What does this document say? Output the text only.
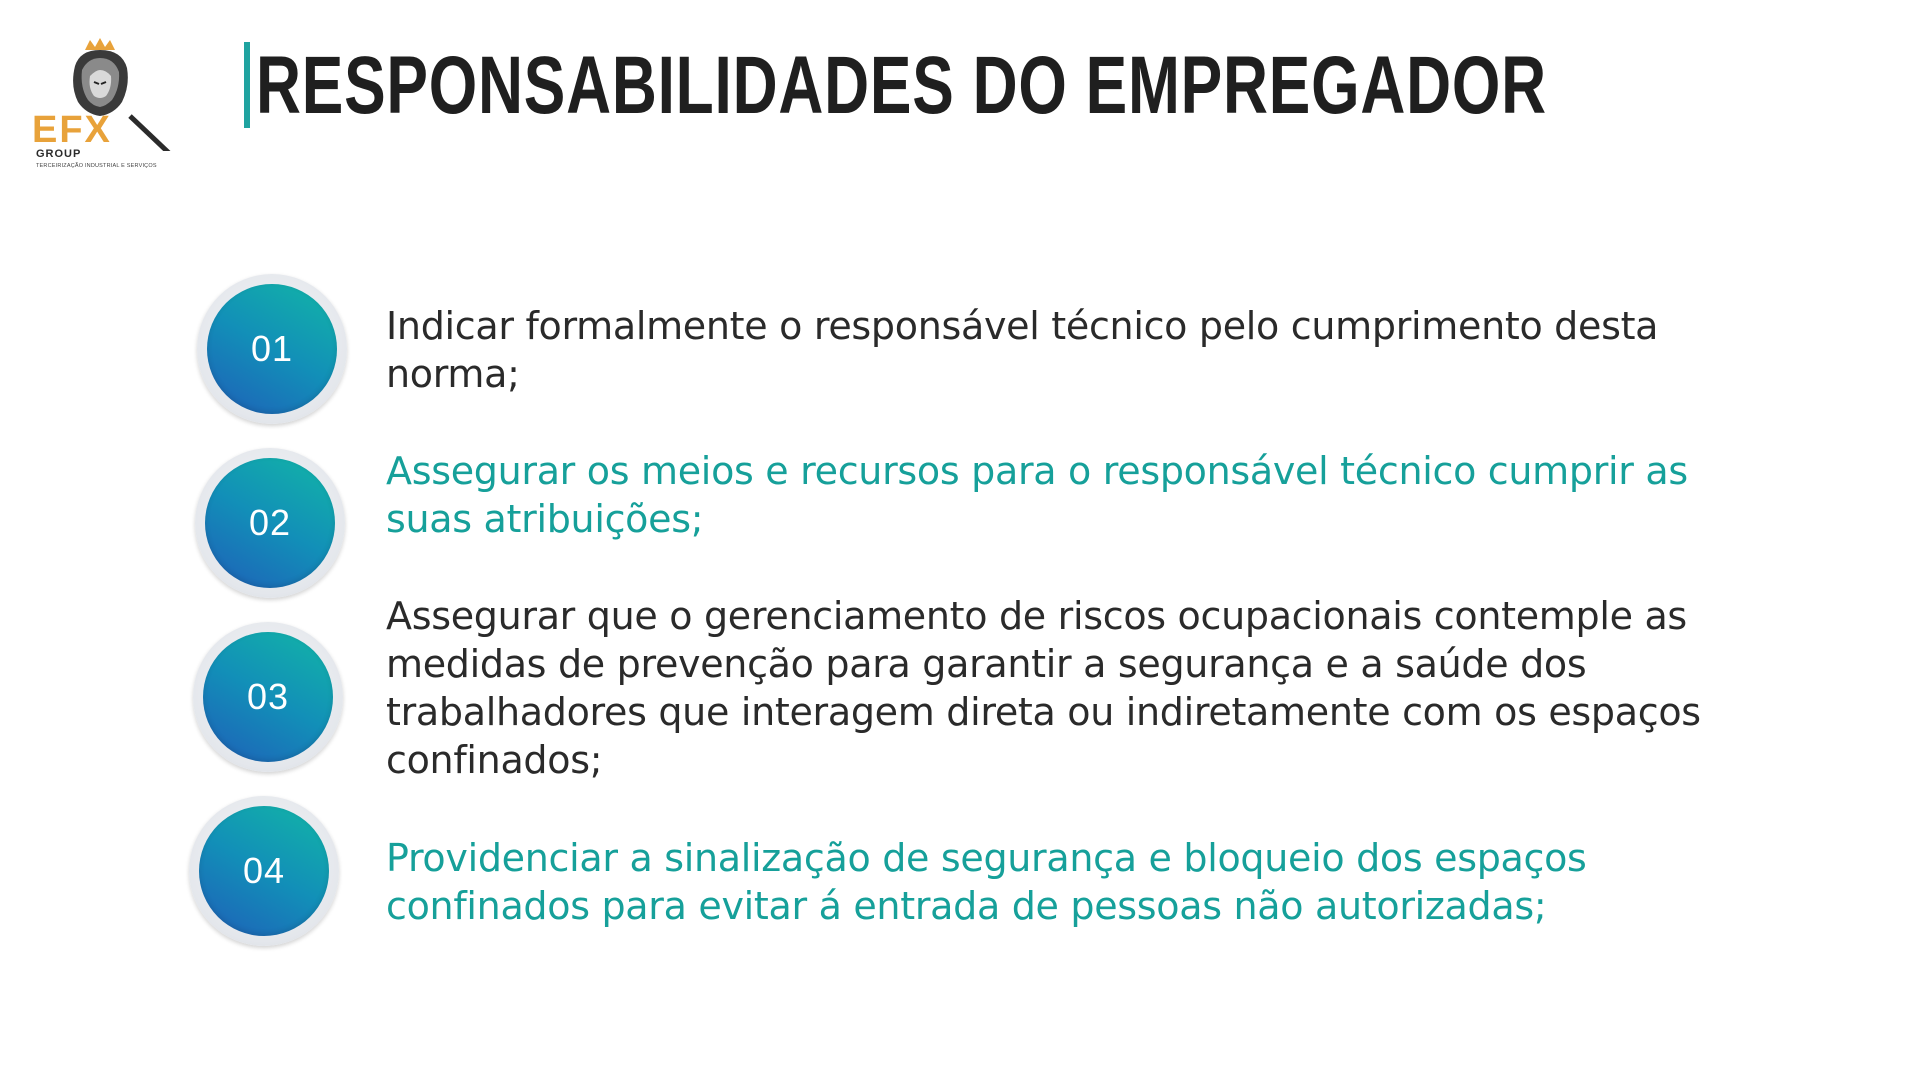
EFX
GROUP
TERCEIRIZAÇÃO INDUSTRIAL E SERVIÇOS
RESPONSABILIDADES DO EMPREGADOR
01
Indicar formalmente o responsável técnico pelo cumprimento desta norma;
02
Assegurar os meios e recursos para o responsável técnico cumprir as suas atribuições;
03
Assegurar que o gerenciamento de riscos ocupacionais contemple as medidas de prevenção para garantir a segurança e a saúde dos trabalhadores que interagem direta ou indiretamente com os espaços confinados;
04	Providenciar a sinalização de segurança e bloqueio dos espaços confinados para evitar á entrada de pessoas não autorizadas;
